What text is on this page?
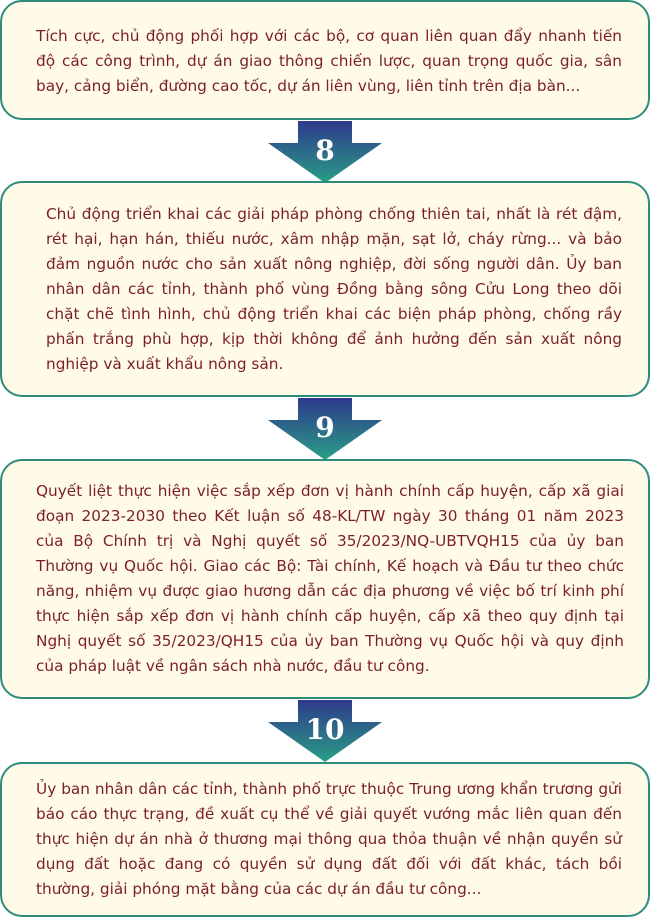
Tích cực, chủ động phối hợp với các bộ, cơ quan liên quan đẩy nhanh tiến độ các công trình, dự án giao thông chiến lược, quan trọng quốc gia, sân bay, cảng biển, đường cao tốc, dự án liên vùng, liên tỉnh trên địa bàn...

8

Chủ động triển khai các giải pháp phòng chống thiên tai, nhất là rét đậm, rét hại, hạn hán, thiếu nước, xâm nhập mặn, sạt lở, cháy rừng... và bảo đảm nguồn nước cho sản xuất nông nghiệp, đời sống người dân. Ủy ban nhân dân các tỉnh, thành phố vùng Đồng bằng sông Cửu Long theo dõi chặt chẽ tình hình, chủ động triển khai các biện pháp phòng, chống rầy phấn trắng phù hợp, kịp thời không để ảnh hưởng đến sản xuất nông nghiệp và xuất khẩu nông sản.

9

Quyết liệt thực hiện việc sắp xếp đơn vị hành chính cấp huyện, cấp xã giai đoạn 2023-2030 theo Kết luận số 48-KL/TW ngày 30 tháng 01 năm 2023 của Bộ Chính trị và Nghị quyết số 35/2023/NQ-UBTVQH15 của ủy ban Thường vụ Quốc hội. Giao các Bộ: Tài chính, Kế hoạch và Đầu tư theo chức năng, nhiệm vụ được giao hương dẫn các địa phương về việc bố trí kinh phí thực hiện sắp xếp đơn vị hành chính cấp huyện, cấp xã theo quy định tại Nghị quyết số 35/2023/QH15 của ủy ban Thường vụ Quốc hội và quy định của pháp luật về ngân sách nhà nước, đầu tư công.

10

Ủy ban nhân dân các tỉnh, thành phố trực thuộc Trung ương khẩn trương gửi báo cáo thực trạng, đề xuất cụ thể về giải quyết vướng mắc liên quan đến thực hiện dự án nhà ở thương mại thông qua thỏa thuận về nhận quyền sử dụng đất hoặc đang có quyền sử dụng đất đối với đất khác, tách bồi thường, giải phóng mặt bằng của các dự án đầu tư công...
